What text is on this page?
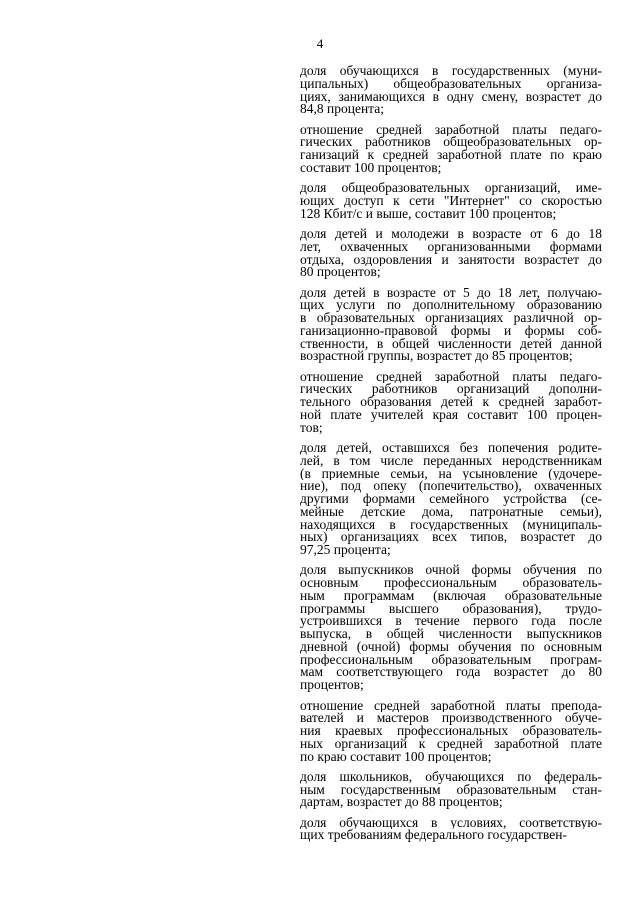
4
доля обучающихся в государственных (муни-
ципальных) общеобразовательных организа-
циях, занимающихся в одну смену, возрастет до
84,8 процента;
отношение средней заработной платы педаго-
гических работников общеобразовательных ор-
ганизаций к средней заработной плате по краю
составит 100 процентов;
доля общеобразовательных организаций, име-
ющих доступ к сети "Интернет" со скоростью
128 Кбит/с и выше, составит 100 процентов;
доля детей и молодежи в возрасте от 6 до 18
лет, охваченных организованными формами
отдыха, оздоровления и занятости возрастет до
80 процентов;
доля детей в возрасте от 5 до 18 лет, получаю-
щих услуги по дополнительному образованию
в образовательных организациях различной ор-
ганизационно-правовой формы и формы соб-
ственности, в общей численности детей данной
возрастной группы, возрастет до 85 процентов;
отношение средней заработной платы педаго-
гических работников организаций дополни-
тельного образования детей к средней заработ-
ной плате учителей края составит 100 процен-
тов;
доля детей, оставшихся без попечения родите-
лей, в том числе переданных неродственникам
(в приемные семьи, на усыновление (удочере-
ние), под опеку (попечительство), охваченных
другими формами семейного устройства (се-
мейные детские дома, патронатные семьи),
находящихся в государственных (муниципаль-
ных) организациях всех типов, возрастет до
97,25 процента;
доля выпускников очной формы обучения по
основным профессиональным образователь-
ным программам (включая образовательные
программы высшего образования), трудо-
устроившихся в течение первого года после
выпуска, в общей численности выпускников
дневной (очной) формы обучения по основным
профессиональным образовательным програм-
мам соответствующего года возрастет до 80
процентов;
отношение средней заработной платы препода-
вателей и мастеров производственного обуче-
ния краевых профессиональных образователь-
ных организаций к средней заработной плате
по краю составит 100 процентов;
доля школьников, обучающихся по федераль-
ным государственным образовательным стан-
дартам, возрастет до 88 процентов;
доля обучающихся в условиях, соответствую-
щих требованиям федерального государствен-
